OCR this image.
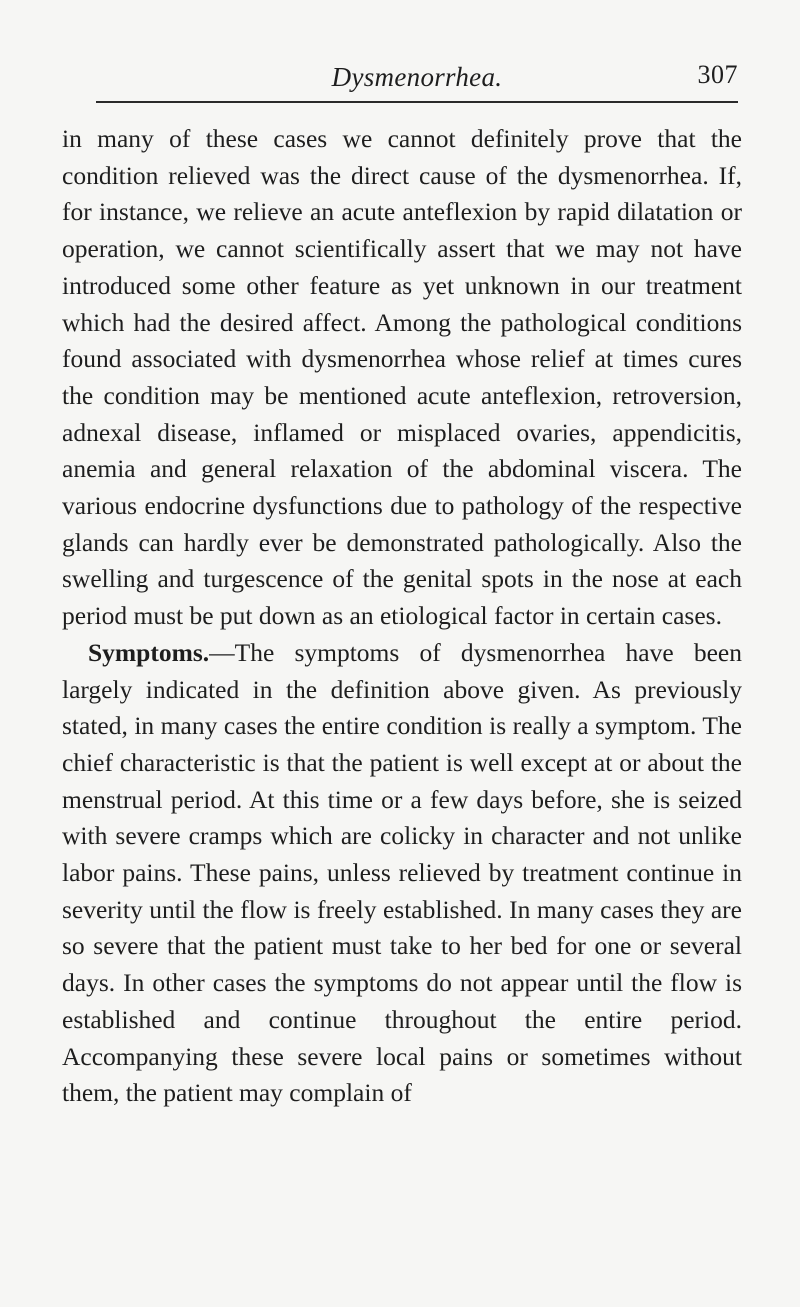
Dysmenorrhea.	307

in many of these cases we cannot definitely prove that the condition relieved was the direct cause of the dysmenorrhea. If, for instance, we relieve an acute anteflexion by rapid dilatation or operation, we cannot scientifically assert that we may not have introduced some other feature as yet unknown in our treatment which had the desired affect. Among the pathological conditions found associated with dysmenorrhea whose relief at times cures the condition may be mentioned acute anteflexion, retroversion, adnexal disease, inflamed or misplaced ovaries, appendicitis, anemia and general relaxation of the abdominal viscera. The various endocrine dysfunctions due to pathology of the respective glands can hardly ever be demonstrated pathologically. Also the swelling and turgescence of the genital spots in the nose at each period must be put down as an etiological factor in certain cases.

Symptoms.—The symptoms of dysmenorrhea have been largely indicated in the definition above given. As previously stated, in many cases the entire condition is really a symptom. The chief characteristic is that the patient is well except at or about the menstrual period. At this time or a few days before, she is seized with severe cramps which are colicky in character and not unlike labor pains. These pains, unless relieved by treatment continue in severity until the flow is freely established. In many cases they are so severe that the patient must take to her bed for one or several days. In other cases the symptoms do not appear until the flow is established and continue throughout the entire period. Accompanying these severe local pains or sometimes without them, the patient may complain of
